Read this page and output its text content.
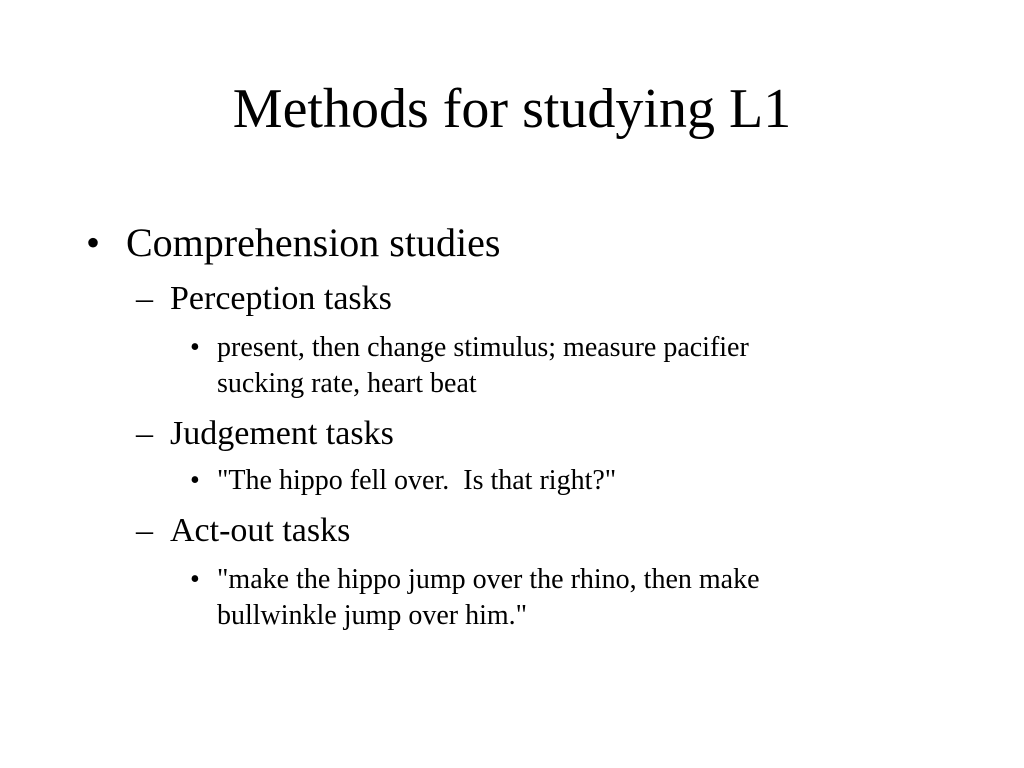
Methods for studying L1
• Comprehension studies
– Perception tasks
• present, then change stimulus; measure pacifier
sucking rate, heart beat
– Judgement tasks
• "The hippo fell over.  Is that right?"
– Act-out tasks
• "make the hippo jump over the rhino, then make
bullwinkle jump over him."
